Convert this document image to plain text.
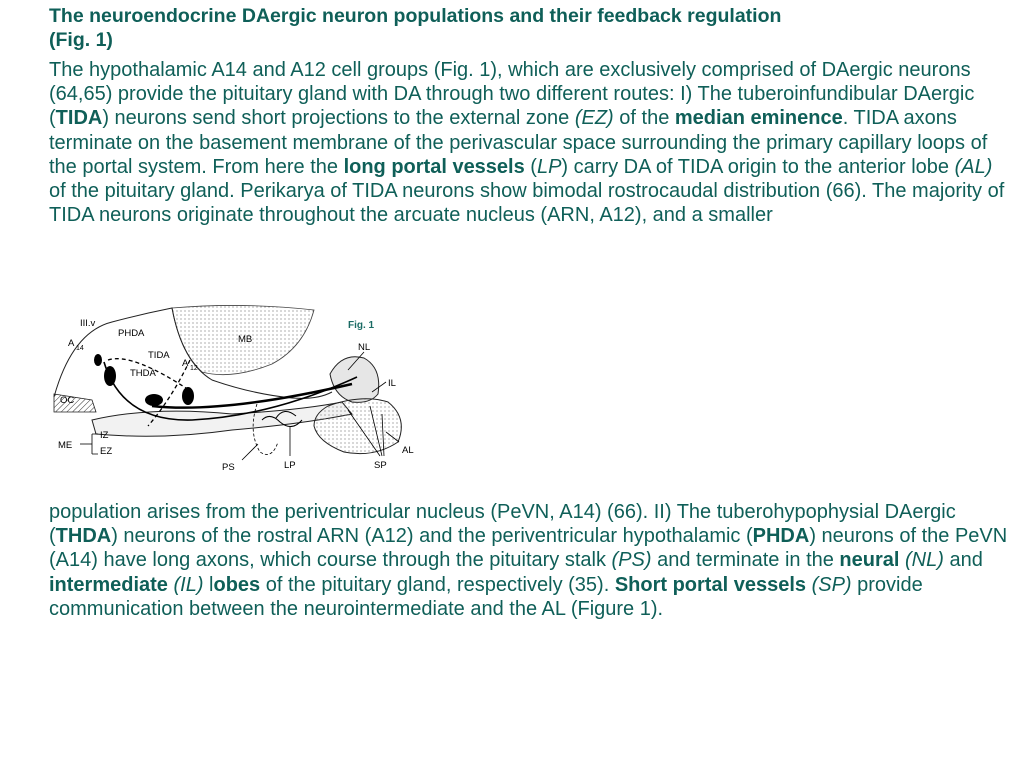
The neuroendocrine DAergic neuron populations and their feedback regulation
(Fig. 1)

The hypothalamic A14 and A12 cell groups (Fig. 1), which are exclusively comprised of DAergic neurons (64,65) provide the pituitary gland with DA through two different routes: I) The tuberoinfundibular DAergic (TIDA) neurons send short projections to the external zone (EZ) of the median eminence. TIDA axons terminate on the basement membrane of the perivascular space surrounding the primary capillary loops of the portal system. From here the long portal vessels (LP) carry DA of TIDA origin to the anterior lobe (AL) of the pituitary gland. Perikarya of TIDA neurons show bimodal rostrocaudal distribution (66). The majority of TIDA neurons originate throughout the arcuate nucleus (ARN, A12), and a smaller

Fig. 1
III.v
PHDA
A 14
MB
TIDA
A 12
THDA
OC
NL
IL
ME
IZ
EZ
PS	LP	SP
AL

population arises from the periventricular nucleus (PeVN, A14) (66). II) The tuberohypophysial DAergic (THDA) neurons of the rostral ARN (A12) and the periventricular hypothalamic (PHDA) neurons of the PeVN (A14) have long axons, which course through the pituitary stalk (PS) and terminate in the neural (NL) and intermediate (IL) lobes of the pituitary gland, respectively (35). Short portal vessels (SP) provide communication between the neurointermediate and the AL (Figure 1).
